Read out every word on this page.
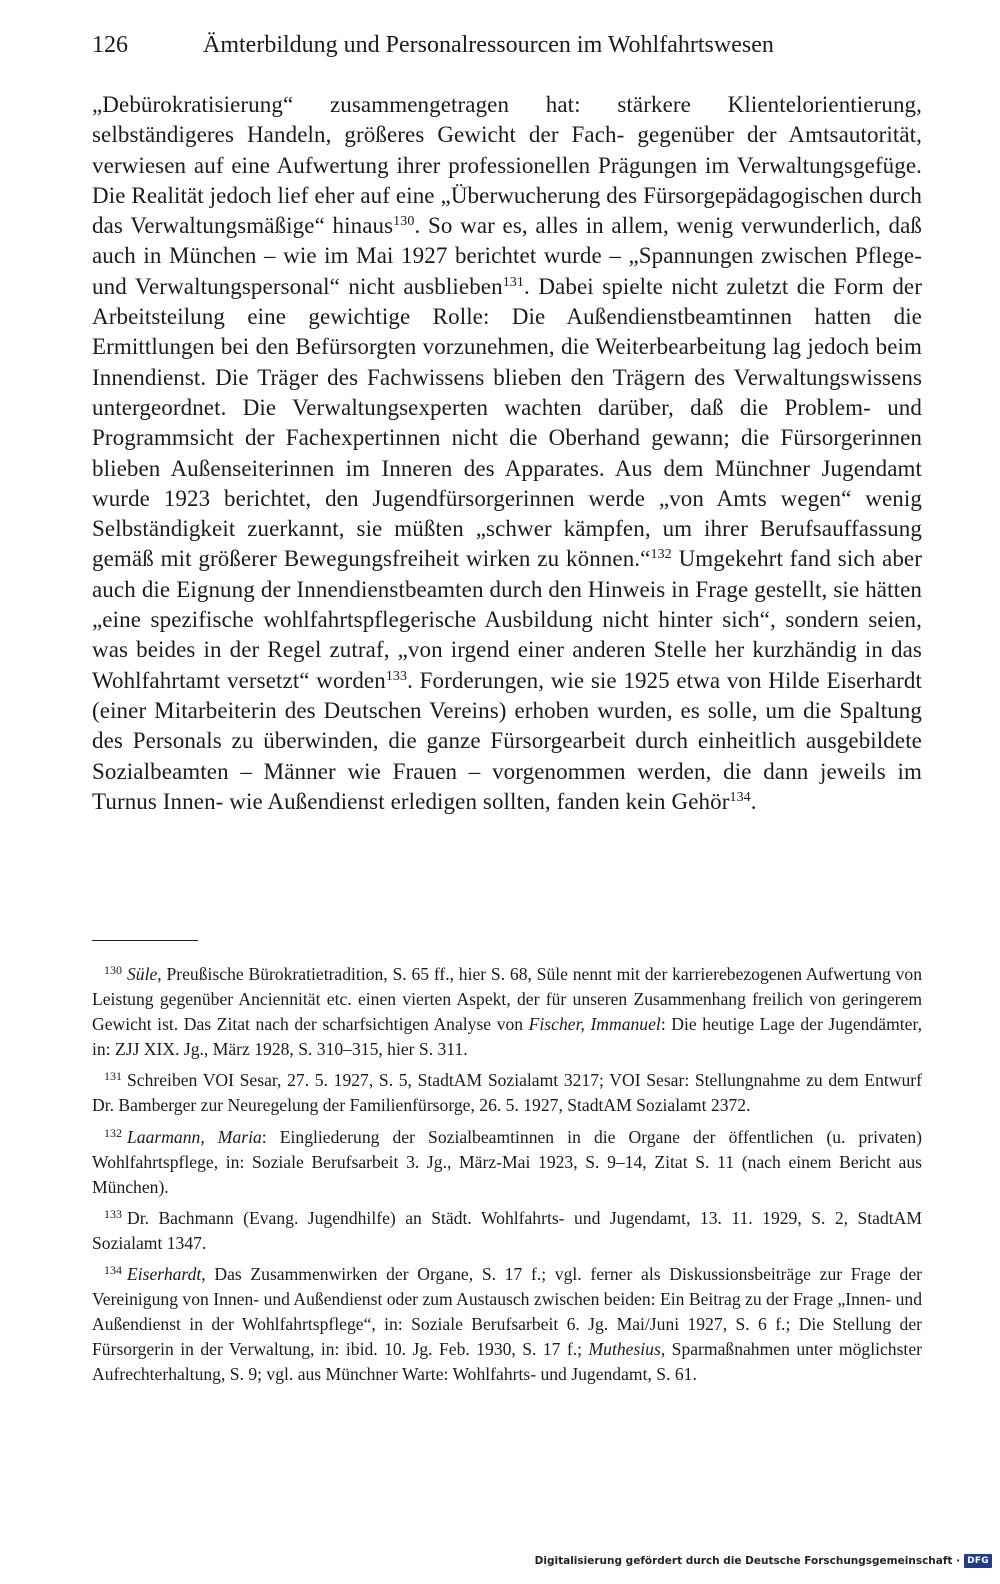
126	Ämterbildung und Personalressourcen im Wohlfahrtswesen

„Debürokratisierung“ zusammengetragen hat: stärkere Klientelorientierung, selbständigeres Handeln, größeres Gewicht der Fach- gegenüber der Amtsautorität, verwiesen auf eine Aufwertung ihrer professionellen Prägungen im Verwaltungsgefüge. Die Realität jedoch lief eher auf eine „Überwucherung des Fürsorgepädagogischen durch das Verwaltungsmäßige“ hinaus$^{130}$. So war es, alles in allem, wenig verwunderlich, daß auch in München – wie im Mai 1927 berichtet wurde – „Spannungen zwischen Pflege- und Verwaltungspersonal“ nicht ausblieben$^{131}$. Dabei spielte nicht zuletzt die Form der Arbeitsteilung eine gewichtige Rolle: Die Außendienstbeamtinnen hatten die Ermittlungen bei den Befürsorgten vorzunehmen, die Weiterbearbeitung lag jedoch beim Innendienst. Die Träger des Fachwissens blieben den Trägern des Verwaltungswissens untergeordnet. Die Verwaltungsexperten wachten darüber, daß die Problem- und Programmsicht der Fachexpertinnen nicht die Oberhand gewann; die Fürsorgerinnen blieben Außenseiterinnen im Inneren des Apparates. Aus dem Münchner Jugendamt wurde 1923 berichtet, den Jugendfürsorgerinnen werde „von Amts wegen“ wenig Selbständigkeit zuerkannt, sie müßten „schwer kämpfen, um ihrer Berufsauffassung gemäß mit größerer Bewegungsfreiheit wirken zu können.“$^{132}$ Umgekehrt fand sich aber auch die Eignung der Innendienstbeamten durch den Hinweis in Frage gestellt, sie hätten „eine spezifische wohlfahrtspflegerische Ausbildung nicht hinter sich“, sondern seien, was beides in der Regel zutraf, „von irgend einer anderen Stelle her kurzhändig in das Wohlfahrtamt versetzt“ worden$^{133}$. Forderungen, wie sie 1925 etwa von Hilde Eiserhardt (einer Mitarbeiterin des Deutschen Vereins) erhoben wurden, es solle, um die Spaltung des Personals zu überwinden, die ganze Fürsorgearbeit durch einheitlich ausgebildete Sozialbeamten – Männer wie Frauen – vorgenommen werden, die dann jeweils im Turnus Innen- wie Außendienst erledigen sollten, fanden kein Gehör$^{134}$.

$^{130}$ Süle, Preußische Bürokratietradition, S. 65 ff., hier S. 68, Süle nennt mit der karrierebezogenen Aufwertung von Leistung gegenüber Anciennität etc. einen vierten Aspekt, der für unseren Zusammenhang freilich von geringerem Gewicht ist. Das Zitat nach der scharfsichtigen Analyse von Fischer, Immanuel: Die heutige Lage der Jugendämter, in: ZJJ XIX. Jg., März 1928, S. 310–315, hier S. 311.

$^{131}$ Schreiben VOI Sesar, 27. 5. 1927, S. 5, StadtAM Sozialamt 3217; VOI Sesar: Stellungnahme zu dem Entwurf Dr. Bamberger zur Neuregelung der Familienfürsorge, 26. 5. 1927, StadtAM Sozialamt 2372.

$^{132}$ Laarmann, Maria: Eingliederung der Sozialbeamtinnen in die Organe der öffentlichen (u. privaten) Wohlfahrtspflege, in: Soziale Berufsarbeit 3. Jg., März-Mai 1923, S. 9–14, Zitat S. 11 (nach einem Bericht aus München).

$^{133}$ Dr. Bachmann (Evang. Jugendhilfe) an Städt. Wohlfahrts- und Jugendamt, 13. 11. 1929, S. 2, StadtAM Sozialamt 1347.

$^{134}$ Eiserhardt, Das Zusammenwirken der Organe, S. 17 f.; vgl. ferner als Diskussionsbeiträge zur Frage der Vereinigung von Innen- und Außendienst oder zum Austausch zwischen beiden: Ein Beitrag zu der Frage „Innen- und Außendienst in der Wohlfahrtspflege“, in: Soziale Berufsarbeit 6. Jg. Mai/Juni 1927, S. 6 f.; Die Stellung der Fürsorgerin in der Verwaltung, in: ibid. 10. Jg. Feb. 1930, S. 17 f.; Muthesius, Sparmaßnahmen unter möglichster Aufrechterhaltung, S. 9; vgl. aus Münchner Warte: Wohlfahrts- und Jugendamt, S. 61.

Digitalisierung gefördert durch die Deutsche Forschungsgemeinschaft · DFG
